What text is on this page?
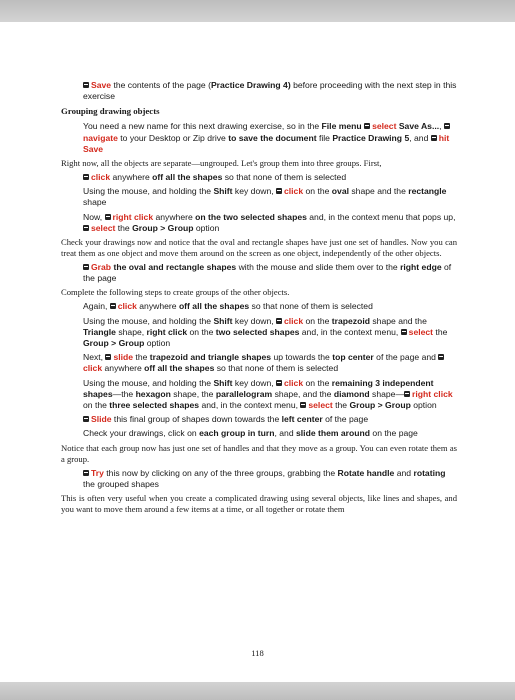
Save the contents of the page (Practice Drawing 4) before proceeding with the next step in this exercise
Grouping drawing objects
You need a new name for this next drawing exercise, so in the File menu select Save As..., navigate to your Desktop or Zip drive to save the document file Practice Drawing 5, and hit Save
Right now, all the objects are separate—ungrouped. Let's group them into three groups. First,
click anywhere off all the shapes so that none of them is selected
Using the mouse, and holding the Shift key down, click on the oval shape and the rectangle shape
Now, right click anywhere on the two selected shapes and, in the context menu that pops up, select the Group > Group option
Check your drawings now and notice that the oval and rectangle shapes have just one set of handles. Now you can treat them as one object and move them around on the screen as one object, independently of the other objects.
Grab the oval and rectangle shapes with the mouse and slide them over to the right edge of the page
Complete the following steps to create groups of the other objects.
Again, click anywhere off all the shapes so that none of them is selected
Using the mouse, and holding the Shift key down, click on the trapezoid shape and the Triangle shape, right click on the two selected shapes and, in the context menu, select the Group > Group option
Next, slide the trapezoid and triangle shapes up towards the top center of the page and click anywhere off all the shapes so that none of them is selected
Using the mouse, and holding the Shift key down, click on the remaining 3 independent shapes—the hexagon shape, the parallelogram shape, and the diamond shape— right click on the three selected shapes and, in the context menu, select the Group > Group option
Slide this final group of shapes down towards the left center of the page
Check your drawings, click on each group in turn, and slide them around on the page
Notice that each group now has just one set of handles and that they move as a group. You can even rotate them as a group.
Try this now by clicking on any of the three groups, grabbing the Rotate handle and rotating the grouped shapes
This is often very useful when you create a complicated drawing using several objects, like lines and shapes, and you want to move them around a few items at a time, or all together or rotate them
118
